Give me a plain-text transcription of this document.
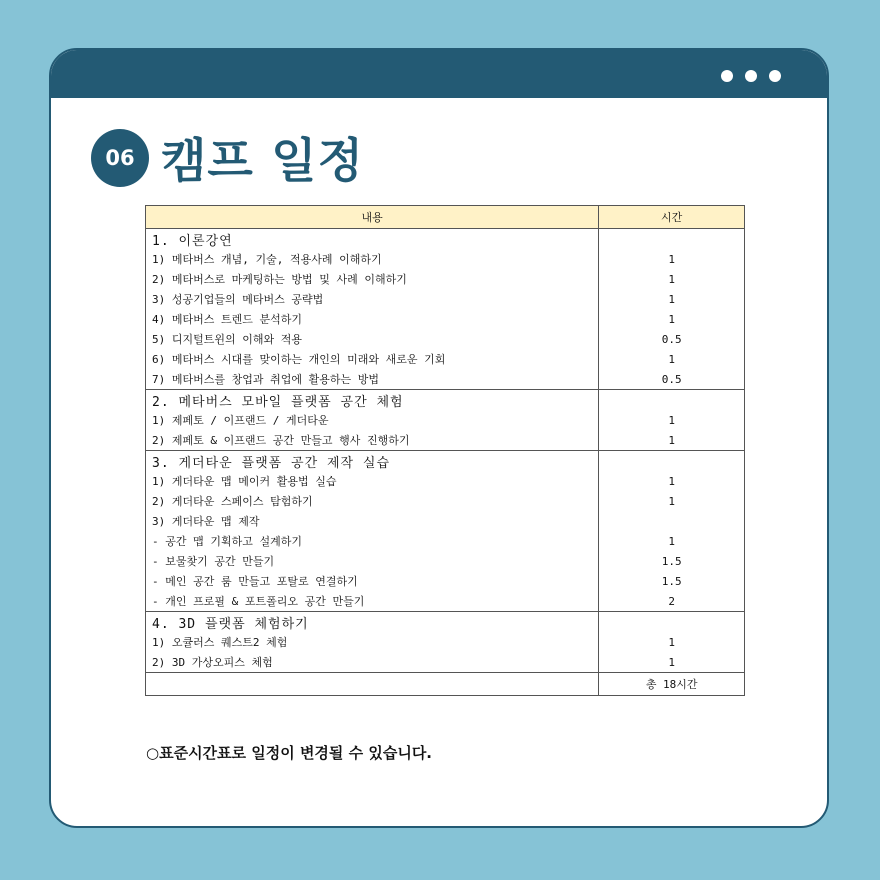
06 캠프 일정
내용	시간
1. 이론강연	
1) 메타버스 개념, 기술, 적용사례 이해하기	1
2) 메타버스로 마케팅하는 방법 및 사례 이해하기	1
3) 성공기업들의 메타버스 공략법	1
4) 메타버스 트렌드 분석하기	1
5) 디지털트윈의 이해와 적용	0.5
6) 메타버스 시대를 맞이하는 개인의 미래와 새로운 기회	1
7) 메타버스를 창업과 취업에 활용하는 방법	0.5
2. 메타버스 모바일 플랫폼 공간 체험	
1) 제페토 / 이프랜드 / 게더타운	1
2) 제페토 & 이프랜드 공간 만들고 행사 진행하기	1
3. 게더타운 플랫폼 공간 제작 실습	
1) 게더타운 맵 메이커 활용법 실습	1
2) 게더타운 스페이스 탐험하기	1
3) 게더타운 맵 제작	
- 공간 맵 기획하고 설계하기	1
- 보물찾기 공간 만들기	1.5
- 메인 공간 룸 만들고 포탈로 연결하기	1.5
- 개인 프로필 & 포트폴리오 공간 만들기	2
4. 3D 플랫폼 체험하기	
1) 오큘러스 퀘스트2 체험	1
2) 3D 가상오피스 체험	1
	총 18시간
○표준시간표로 일정이 변경될 수 있습니다.
